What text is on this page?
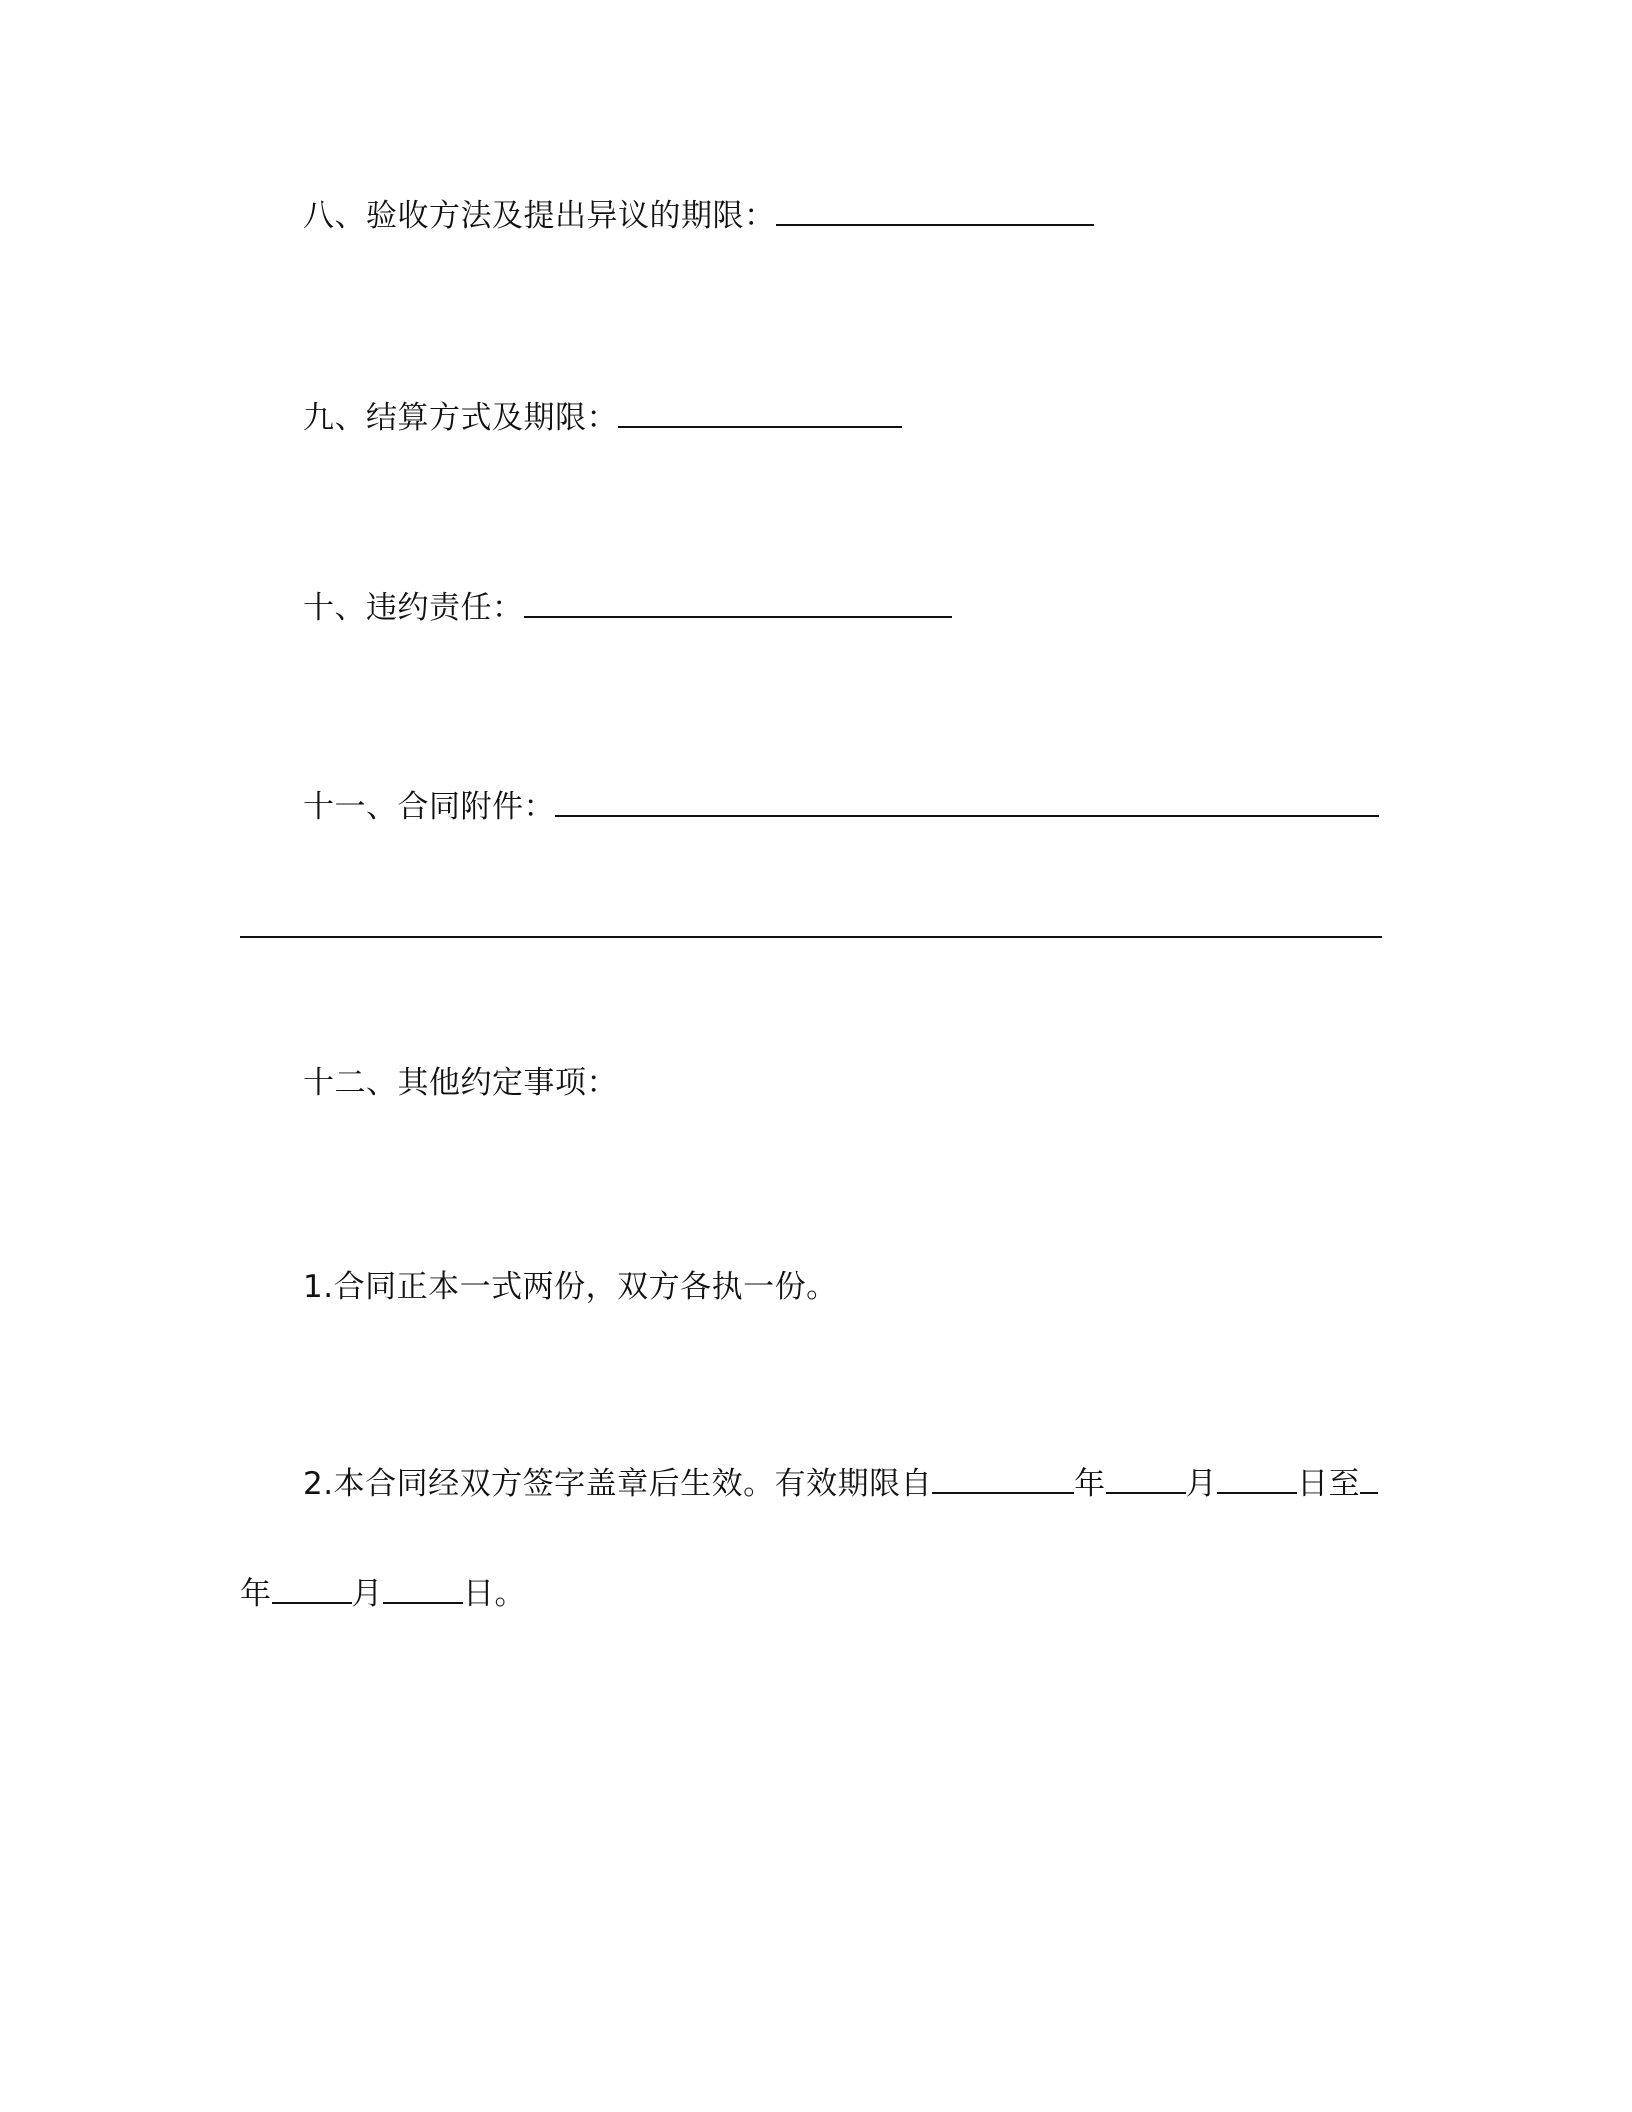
八、验收方法及提出异议的期限：
九、结算方式及期限：
十、违约责任：
十一、合同附件：
十二、其他约定事项：
1.合同正本一式两份，双方各执一份。
2.本合同经双方签字盖章后生效。有效期限自	年	月	日至
年	月	日。
